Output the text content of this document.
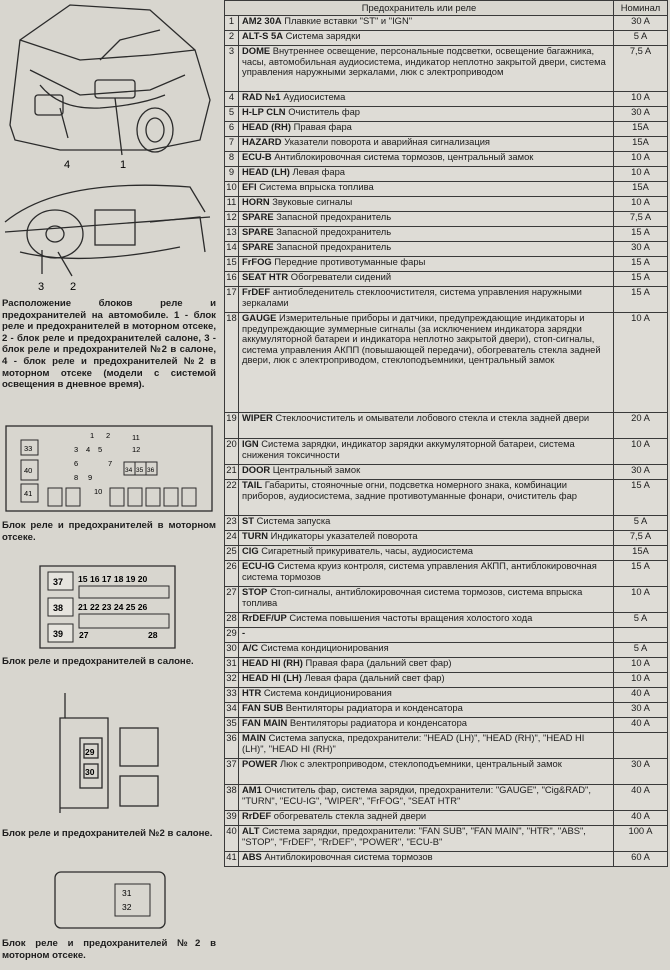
4	1
3 2
Расположение блоков реле и предохранителей на автомобиле. 1 - блок реле и предохранителей в моторном отсеке, 2 - блок реле и предохранителей салоне, 3 - блок реле и предохранителей №2 в салоне, 4 - блок реле и предохранителей №2 в моторном отсеке (модели с системой освещения в дневное время).
33
40
41
1 2
3 4 5
6	7
8 9
10
11
12
34 35 36
Блок реле и предохранителей в моторном отсеке.
37
38
39
15 16 17 18 19 20
21 22 23 24 25 26
27	28
Блок реле и предохранителей в салоне.
29
30
Блок реле и предохранителей №2 в салоне.
31
32
Блок реле и предохранителей №2 в моторном отсеке.
Предохранитель или реле		Номинал
1	AM2 30A Плавкие вставки "ST" и "IGN"	30 A
2	ALT-S 5A Система зарядки	5 A
3	DOME Внутреннее освещение, персональные подсветки, освещение багажника, часы, автомобильная аудиосистема, индикатор неплотно закрытой двери, система управления наружными зеркалами, люк с электроприводом	7,5 A
4	RAD №1 Аудиосистема	10 A
5	H-LP CLN Очиститель фар	30 A
6	HEAD (RH) Правая фара	15A
7	HAZARD Указатели поворота и аварийная сигнализация	15A
8	ECU-B Антиблокировочная система тормозов, центральный замок	10 A
9	HEAD (LH) Левая фара	10 A
10	EFI Система впрыска топлива	15A
11	HORN Звуковые сигналы	10 A
12	SPARE Запасной предохранитель	7,5 A
13	SPARE Запасной предохранитель	15 A
14	SPARE Запасной предохранитель	30 A
15	FrFOG Передние противотуманные фары	15 A
16	SEAT HTR Обогреватели сидений	15 A
17	FrDEF антиобледенитель стеклоочистителя, система управления наружными зеркалами	15 A
18	GAUGE Измерительные приборы и датчики, предупреждающие индикаторы и предупреждающие зуммерные сигналы (за исключением индикатора зарядки аккумуляторной батареи и индикатора неплотно закрытой двери), стоп-сигналы, система управления АКПП (повышающей передачи), обогреватель стекла задней двери, люк с электроприводом, стеклоподъемники, центральный замок	10 A
19	WIPER Стеклоочиститель и омыватели лобового стекла и стекла задней двери	20 A
20	IGN Система зарядки, индикатор зарядки аккумуляторной батареи, система снижения токсичности	10 A
21	DOOR Центральный замок	30 A
22	TAIL Габариты, стояночные огни, подсветка номерного знака, комбинации приборов, аудиосистема, задние противотуманные фонари, очиститель фар	15 A
23	ST Система запуска	5 A
24	TURN Индикаторы указателей поворота	7,5 A
25	CIG Сигаретный прикуриватель, часы, аудиосистема	15A
26	ECU-IG Система круиз контроля, система управления АКПП, антиблокировочная система тормозов	15 A
27	STOP Стоп-сигналы, антиблокировочная система тормозов, система впрыска топлива	10 A
28	RrDEF/UP Система повышения частоты вращения холостого хода	5 A
29	-	
30	A/C Система кондиционирования	5 A
31	HEAD HI (RH) Правая фара (дальний свет фар)	10 A
32	HEAD HI (LH) Левая фара (дальний свет фар)	10 A
33	HTR Система кондиционирования	40 A
34	FAN SUB Вентиляторы радиатора и конденсатора	30 A
35	FAN MAIN Вентиляторы радиатора и конденсатора	40 A
36	MAIN Система запуска, предохранители: "HEAD (LH)", "HEAD (RH)", "HEAD HI (LH)", "HEAD HI (RH)"	
37	POWER Люк с электроприводом, стеклоподъемники, центральный замок	30 A
38	AM1 Очиститель фар, система зарядки, предохранители: "GAUGE", "Cig&RAD", "TURN", "ECU-IG", "WIPER", "FrFOG", "SEAT HTR"	40 A
39	RrDEF обогреватель стекла задней двери	40 A
40	ALT Система зарядки, предохранители: "FAN SUB", "FAN MAIN", "HTR", "ABS", "STOP", "FrDEF", "RrDEF", "POWER", "ECU-B"	100 A
41	ABS Антиблокировочная система тормозов	60 A
